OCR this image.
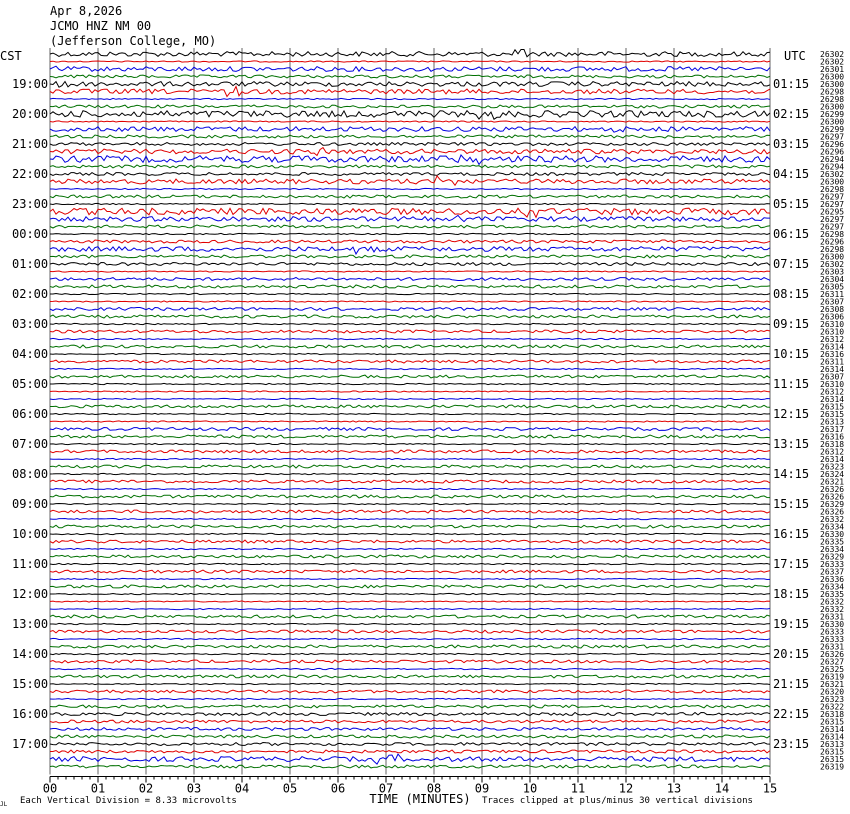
Apr 8,2026

JCMO HNZ NM 00

(Jefferson College, MO)

CST	UTC
19:00
20:00
21:00
22:00
23:00
00:00
01:00
02:00
03:00
04:00
05:00
06:00
07:00
08:00
09:00
10:00
11:00
12:00
13:00
14:00
15:00
16:00
17:00
01:15
02:15
03:15
04:15
05:15
06:15
07:15
08:15
09:15
10:15
11:15
12:15
13:15
14:15
15:15
16:15
17:15
18:15
19:15
20:15
21:15
22:15
23:15
26302
26302
26301
26300
26300
26298
26298
26300
26299
26300
26299
26297
26296
26296
26294
26294
26302
26300
26298
26297
26297
26295
26297
26297
26298
26296
26298
26300
26302
26303
26304
26305
26311
26307
26308
26306
26310
26310
26312
26314
26316
26311
26314
26307
26310
26312
26314
26315
26315
26313
26317
26316
26318
26312
26314
26323
26324
26321
26326
26326
26329
26326
26332
26334
26330
26335
26334
26329
26333
26337
26336
26334
26335
26332
26332
26331
26330
26333
26333
26331
26326
26327
26325
26319
26321
26320
26323
26322
26318
26315
26314
26314
26313
26315
26315
26319
00	01	02	03	04	05	06	07	08	09	10	11	12	13	14	15
TIME (MINUTES)
Each Vertical Division = 8.33 microvolts	Traces clipped at plus/minus 30 vertical divisions
JL
